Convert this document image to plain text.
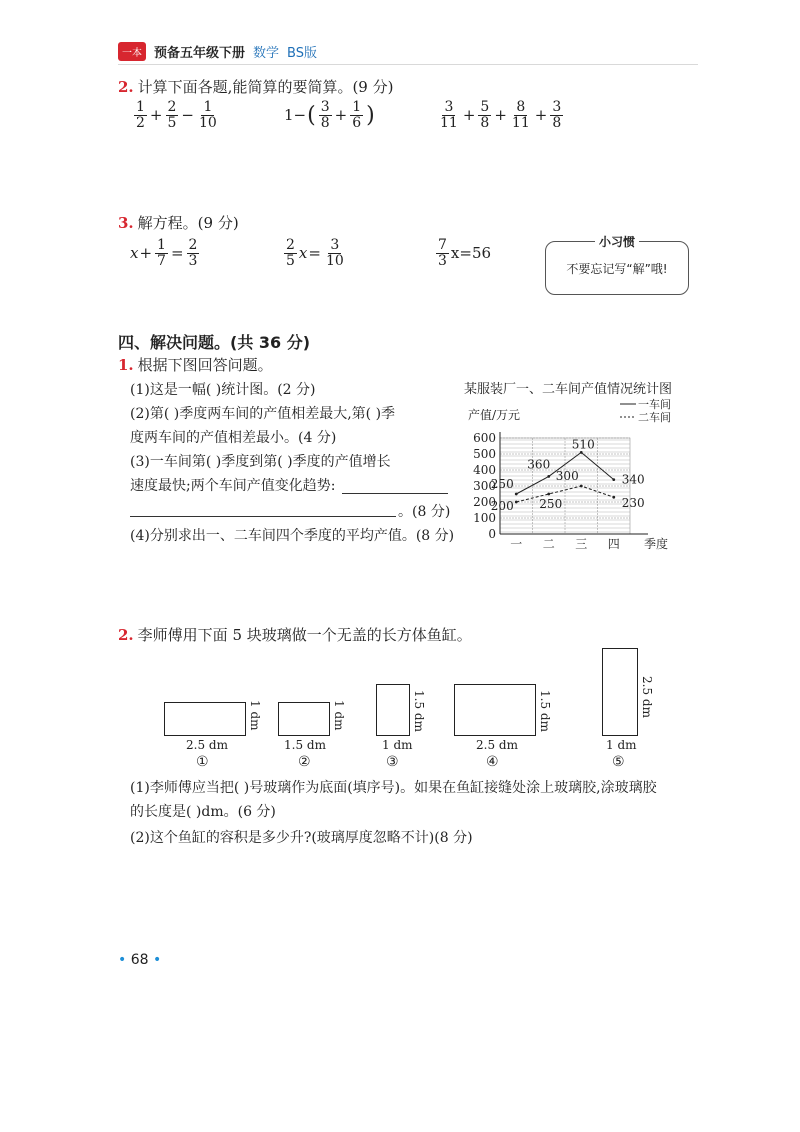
一本 预备五年级下册 数学 BS版
2. 计算下面各题,能简算的要简算。(9 分)
$\frac{1}{2} + \frac{2}{5} - \frac{1}{10}$	1− ( $\frac{3}{8} + \frac{1}{6}$ )	$\frac{3}{11} + \frac{5}{8} + \frac{8}{11} + \frac{3}{8}$
3. 解方程。(9 分)
$x + \frac{1}{7} = \frac{2}{3}$	$\frac{2}{5}$ $x = \frac{3}{10}$	$\frac{7}{3} x=56$
小习惯
不要忘记写“解”哦!
四、解决问题。(共 36 分)
1. 根据下图回答问题。
(1)这是一幅( )统计图。(2 分)
(2)第( )季度两车间的产值相差最大,第( )季
度两车间的产值相差最小。(4 分)
(3)一车间第( )季度到第( )季度的产值增长
速度最快;两个车间产值变化趋势:
。(8 分)
(4)分别求出一、二车间四个季度的平均产值。(8 分)
某服装厂一、二车间产值情况统计图
产值/万元
0
100
200
300
400
500
600
一 二 三 四 季度
250
360
510
340
200 250
300
230
一车间
二车间
2. 李师傅用下面 5 块玻璃做一个无盖的长方体鱼缸。
1 dm
2.5 dm
①
1 dm
1.5 dm
②
1.5 dm
1 dm
③
1.5 dm
2.5 dm
④
2.5 dm
1 dm
⑤
(1)李师傅应当把( )号玻璃作为底面(填序号)。如果在鱼缸接缝处涂上玻璃胶,涂玻璃胶
的长度是( )dm。(6 分)
(2)这个鱼缸的容积是多少升?(玻璃厚度忽略不计)(8 分)
• 68 •
